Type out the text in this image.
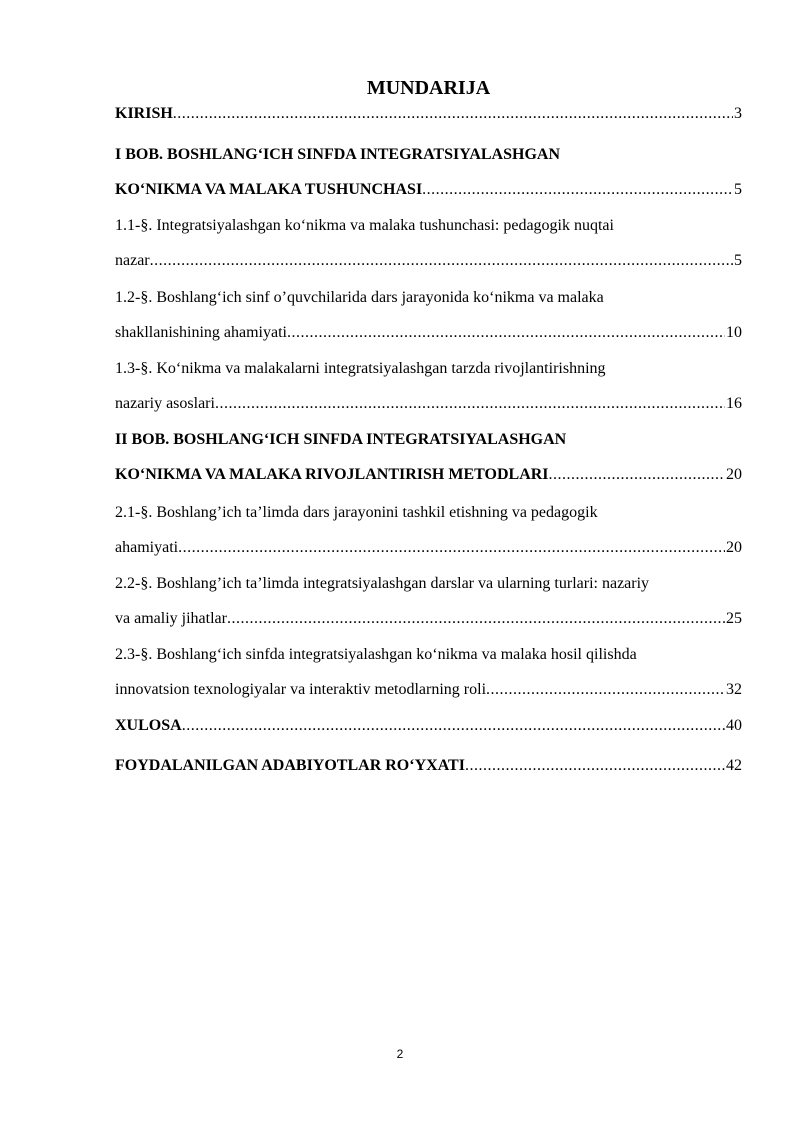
MUNDARIJA
KIRISH .....	3
I BOB. BOSHLANG‘ICH SINFDA INTEGRATSIYALASHGAN
KO‘NIKMA VA MALAKA TUSHUNCHASI .....	5
1.1-§. Integratsiyalashgan ko‘nikma va malaka tushunchasi: pedagogik nuqtai
nazar .....	5
1.2-§. Boshlang‘ich sinf o’quvchilarida dars jarayonida ko‘nikma va malaka
shakllanishining ahamiyati .....	10
1.3-§. Ko‘nikma va malakalarni integratsiyalashgan tarzda rivojlantirishning
nazariy asoslari .....	16
II BOB. BOSHLANG‘ICH SINFDA INTEGRATSIYALASHGAN
KO‘NIKMA VA MALAKA RIVOJLANTIRISH METODLARI .....	20
2.1-§. Boshlang’ich ta’limda dars jarayonini tashkil etishning va pedagogik
ahamiyati .....	20
2.2-§. Boshlang’ich ta’limda integratsiyalashgan darslar va ularning turlari: nazariy
va amaliy jihatlar .....	25
2.3-§. Boshlang‘ich sinfda integratsiyalashgan ko‘nikma va malaka hosil qilishda
innovatsion texnologiyalar va interaktiv metodlarning roli .....	32
XULOSA .....	40
FOYDALANILGAN ADABIYOTLAR RO‘YXATI .....	42
2
